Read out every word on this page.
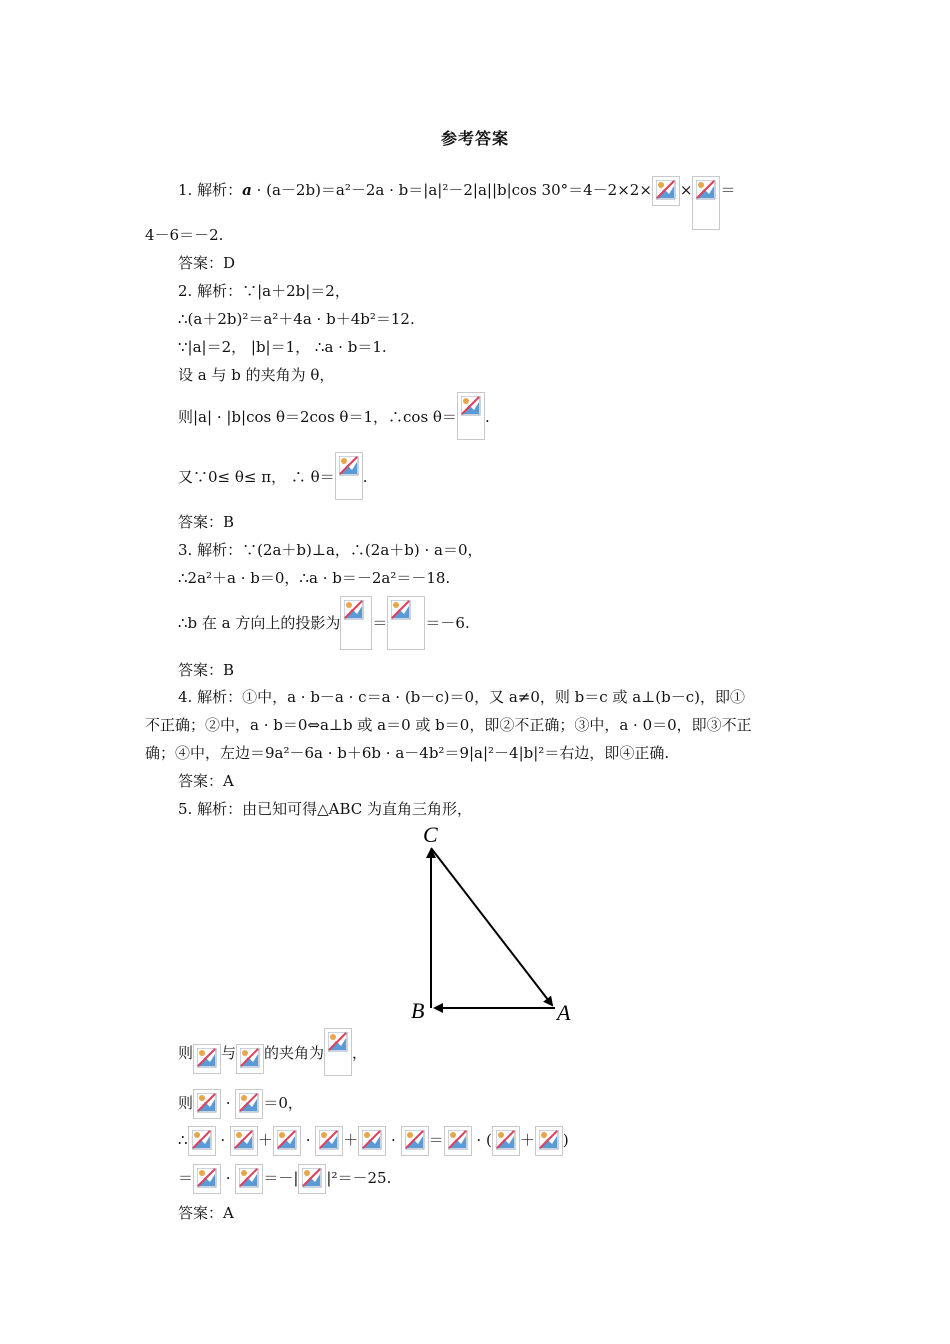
参考答案
1. 解析：a · (a－2b)＝a²－2a · b＝|a|²－2|a||b|cos 30°＝4－2×2× × ＝
4－6＝－2.
答案：D
2. 解析：∵|a＋2b|＝2，
∴(a＋2b)²＝a²＋4a · b＋4b²＝12.
∵|a|＝2， |b|＝1， ∴a · b＝1.
设 a 与 b 的夹角为 θ，
则|a| · |b|cos θ＝2cos θ＝1，∴cos θ＝ .
又∵0≤ θ≤ π， ∴ θ＝ .
答案：B
3. 解析：∵(2a＋b)⊥a，∴(2a＋b) · a＝0，
∴2a²＋a · b＝0，∴a · b＝－2a²＝－18.
∴b 在 a 方向上的投影为 ＝	＝－6.
答案：B
4. 解析：①中，a · b－a · c＝a · (b－c)＝0，又 a≠0，则 b＝c 或 a⊥(b－c)，即①
不正确；②中，a · b＝0⇔a⊥b 或 a＝0 或 b＝0，即②不正确；③中，a · 0＝0，即③不正
确；④中，左边＝9a²－6a · b＋6b · a－4b²＝9|a|²－4|b|²＝右边，即④正确.
答案：A
5. 解析：由已知可得△ABC 为直角三角形，
C
B	A
则 与 的夹角为 ，
则 · ＝0，
∴ · ＋ · ＋ · ＝ · ( ＋ )
＝ · ＝－| |²＝－25.
答案：A
